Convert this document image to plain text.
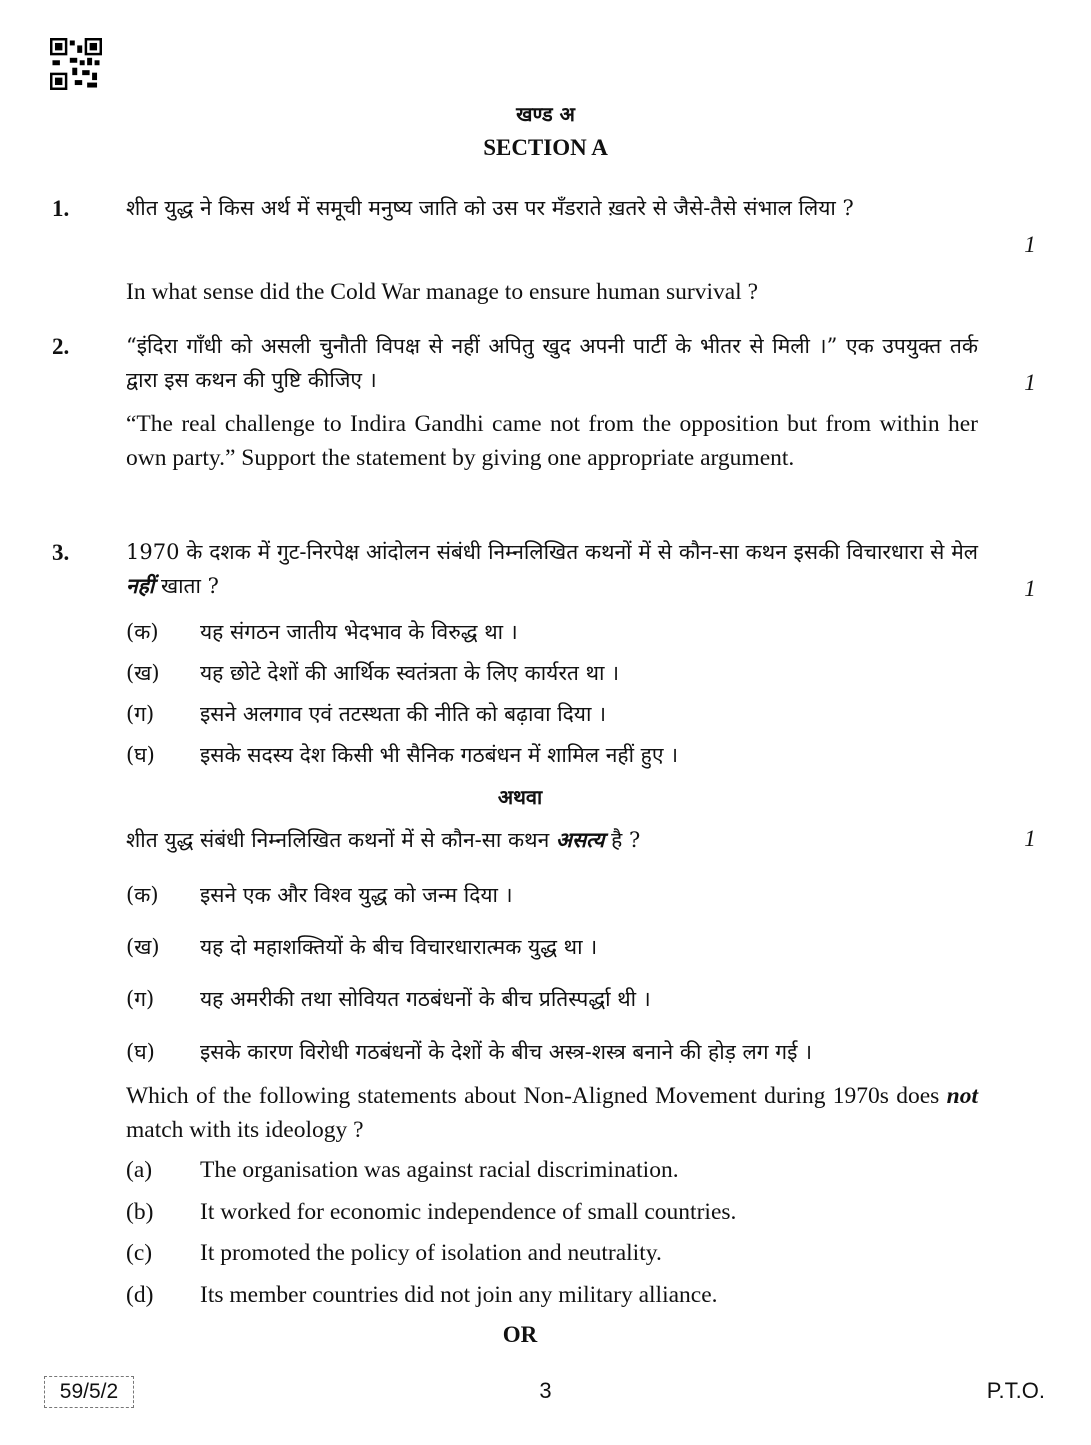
खण्ड अ
SECTION A
1.	शीत युद्ध ने किस अर्थ में समूची मनुष्य जाति को उस पर मँडराते ख़तरे से जैसे-तैसे संभाल लिया ?
1
In what sense did the Cold War manage to ensure human survival ?
2.	“इंदिरा गाँधी को असली चुनौती विपक्ष से नहीं अपितु खुद अपनी पार्टी के भीतर से मिली ।” एक उपयुक्त तर्क द्वारा इस कथन की पुष्टि कीजिए ।	1
“The real challenge to Indira Gandhi came not from the opposition but from within her own party.” Support the statement by giving one appropriate argument.
3.	1970 के दशक में गुट-निरपेक्ष आंदोलन संबंधी निम्नलिखित कथनों में से कौन-सा कथन इसकी विचारधारा से मेल नहीं खाता ?	1
(क) यह संगठन जातीय भेदभाव के विरुद्ध था ।
(ख) यह छोटे देशों की आर्थिक स्वतंत्रता के लिए कार्यरत था ।
(ग) इसने अलगाव एवं तटस्थता की नीति को बढ़ावा दिया ।
(घ) इसके सदस्य देश किसी भी सैनिक गठबंधन में शामिल नहीं हुए ।
अथवा
शीत युद्ध संबंधी निम्नलिखित कथनों में से कौन-सा कथन असत्य है ?	1
(क) इसने एक और विश्व युद्ध को जन्म दिया ।
(ख) यह दो महाशक्तियों के बीच विचारधारात्मक युद्ध था ।
(ग) यह अमरीकी तथा सोवियत गठबंधनों के बीच प्रतिस्पर्द्धा थी ।
(घ) इसके कारण विरोधी गठबंधनों के देशों के बीच अस्त्र-शस्त्र बनाने की होड़ लग गई ।
Which of the following statements about Non-Aligned Movement during 1970s does not match with its ideology ?
(a) The organisation was against racial discrimination.
(b) It worked for economic independence of small countries.
(c) It promoted the policy of isolation and neutrality.
(d) Its member countries did not join any military alliance.
OR
59/5/2	3	P.T.O.
